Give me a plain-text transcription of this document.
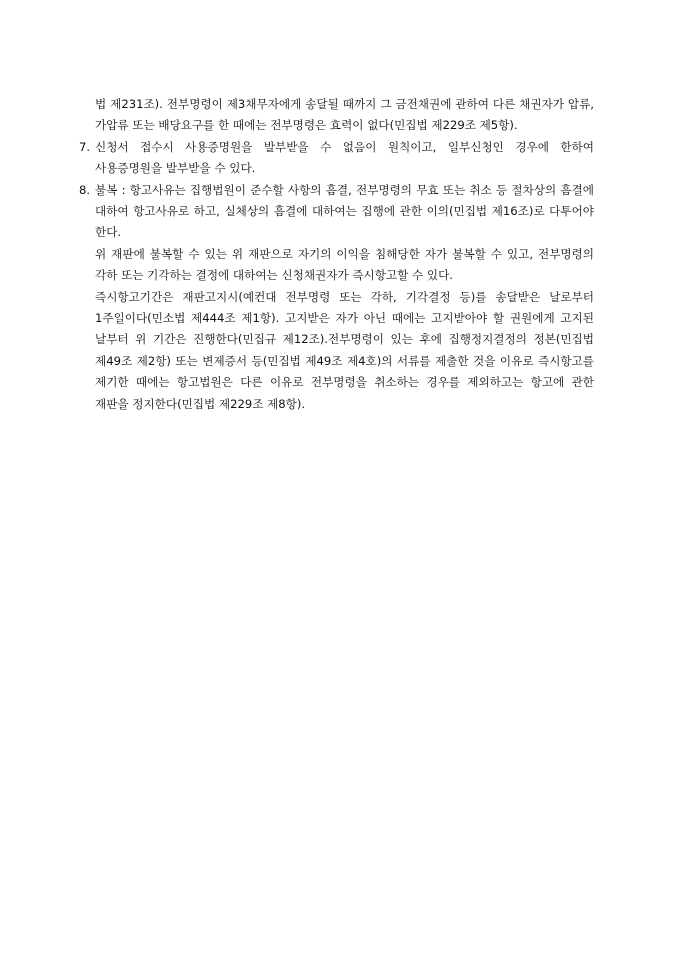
법 제231조). 전부명령이 제3채무자에게 송달될 때까지 그 금전채권에 관하여 다른 채권자가 압류, 가압류 또는 배당요구를 한 때에는 전부명령은 효력이 없다(민집법 제229조 제5항).

7. 신청서 접수시 사용증명원을 발부받을 수 없음이 원칙이고, 일부신청인 경우에 한하여 사용증명원을 발부받을 수 있다.

8. 불복 : 항고사유는 집행법원이 준수할 사항의 흠결, 전부명령의 무효 또는 취소 등 절차상의 흠결에 대하여 항고사유로 하고, 실체상의 흠결에 대하여는 집행에 관한 이의(민집법 제16조)로 다투어야 한다.

위 재판에 불복할 수 있는 위 재판으로 자기의 이익을 침해당한 자가 불복할 수 있고, 전부명령의 각하 또는 기각하는 결정에 대하여는 신청채권자가 즉시항고할 수 있다.

즉시항고기간은 재판고지시(예컨대 전부명령 또는 각하, 기각결정 등)를 송달받은 날로부터 1주일이다(민소법 제444조 제1항). 고지받은 자가 아닌 때에는 고지받아야 할 권원에게 고지된 날부터 위 기간은 진행한다(민집규 제12조).전부명령이 있는 후에 집행정지결정의 정본(민집법 제49조 제2항) 또는 변제증서 등(민집법 제49조 제4호)의 서류를 제출한 것을 이유로 즉시항고를 제기한 때에는 항고법원은 다른 이유로 전부명령을 취소하는 경우를 제외하고는 항고에 관한 재판을 정지한다(민집법 제229조 제8항).
